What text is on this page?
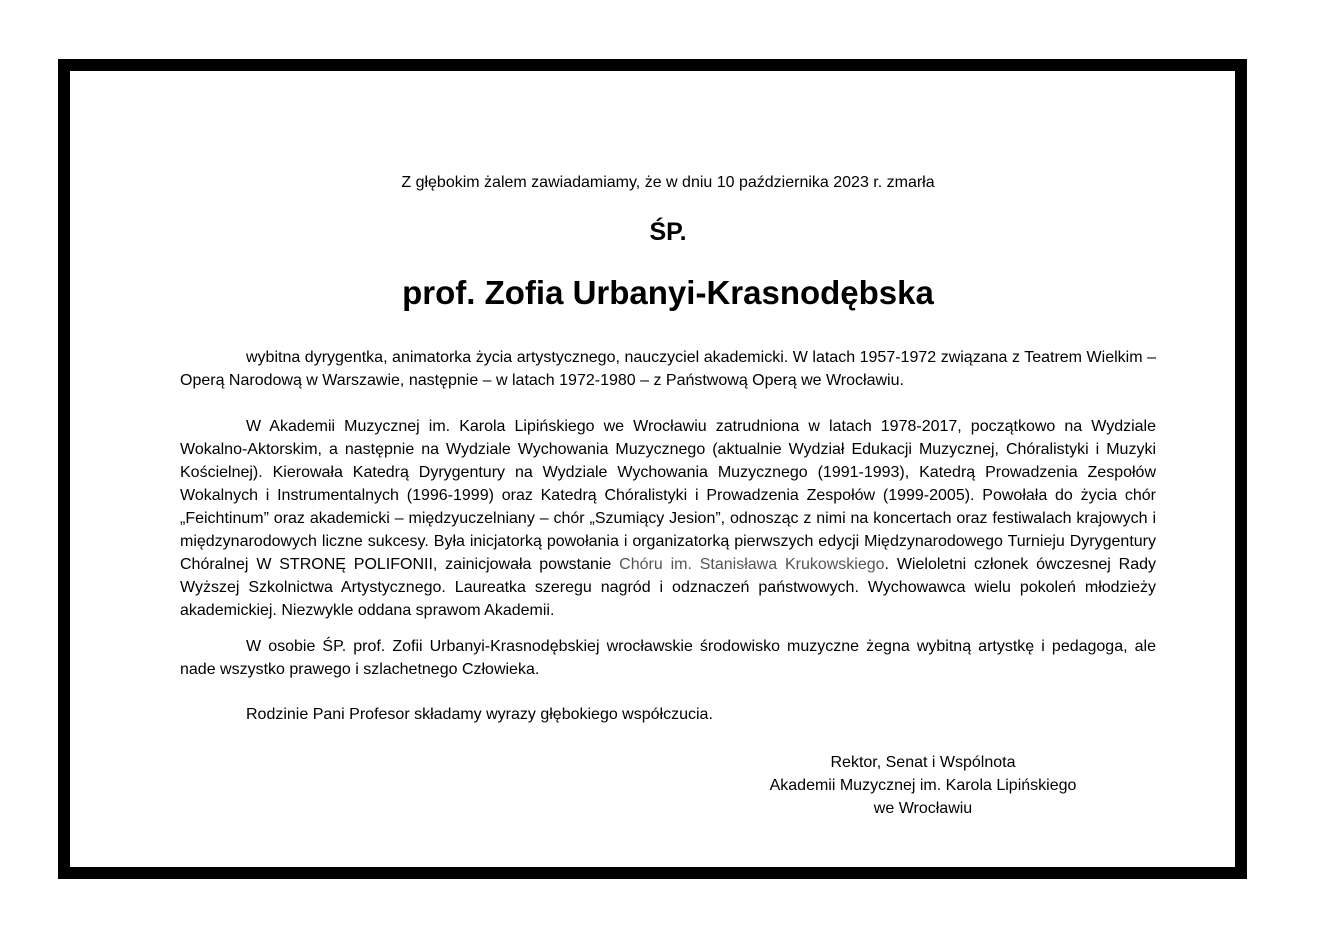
Z głębokim żalem zawiadamiamy, że w dniu 10 października 2023 r. zmarła
ŚP.
prof. Zofia Urbanyi-Krasnodębska
wybitna dyrygentka, animatorka życia artystycznego, nauczyciel akademicki. W latach 1957-1972 związana z Teatrem Wielkim – Operą Narodową w Warszawie, następnie – w latach 1972-1980 – z Państwową Operą we Wrocławiu.
W Akademii Muzycznej im. Karola Lipińskiego we Wrocławiu zatrudniona w latach 1978-2017, początkowo na Wydziale Wokalno-Aktorskim, a następnie na Wydziale Wychowania Muzycznego (aktualnie Wydział Edukacji Muzycznej, Chóralistyki i Muzyki Kościelnej). Kierowała Katedrą Dyrygentury na Wydziale Wychowania Muzycznego (1991-1993), Katedrą Prowadzenia Zespołów Wokalnych i Instrumentalnych (1996-1999) oraz Katedrą Chóralistyki i Prowadzenia Zespołów (1999-2005). Powołała do życia chór „Feichtinum” oraz akademicki – międzyuczelniany – chór „Szumiący Jesion”, odnosząc z nimi na koncertach oraz festiwalach krajowych i międzynarodowych liczne sukcesy. Była inicjatorką powołania i organizatorką pierwszych edycji Międzynarodowego Turnieju Dyrygentury Chóralnej W STRONĘ POLIFONII, zainicjowała powstanie Chóru im. Stanisława Krukowskiego. Wieloletni członek ówczesnej Rady Wyższej Szkolnictwa Artystycznego. Laureatka szeregu nagród i odznaczeń państwowych. Wychowawca wielu pokoleń młodzieży akademickiej. Niezwykle oddana sprawom Akademii.
W osobie ŚP. prof. Zofii Urbanyi-Krasnodębskiej wrocławskie środowisko muzyczne żegna wybitną artystkę i pedagoga, ale nade wszystko prawego i szlachetnego Człowieka.
Rodzinie Pani Profesor składamy wyrazy głębokiego współczucia.
Rektor, Senat i Wspólnota
Akademii Muzycznej im. Karola Lipińskiego
we Wrocławiu
